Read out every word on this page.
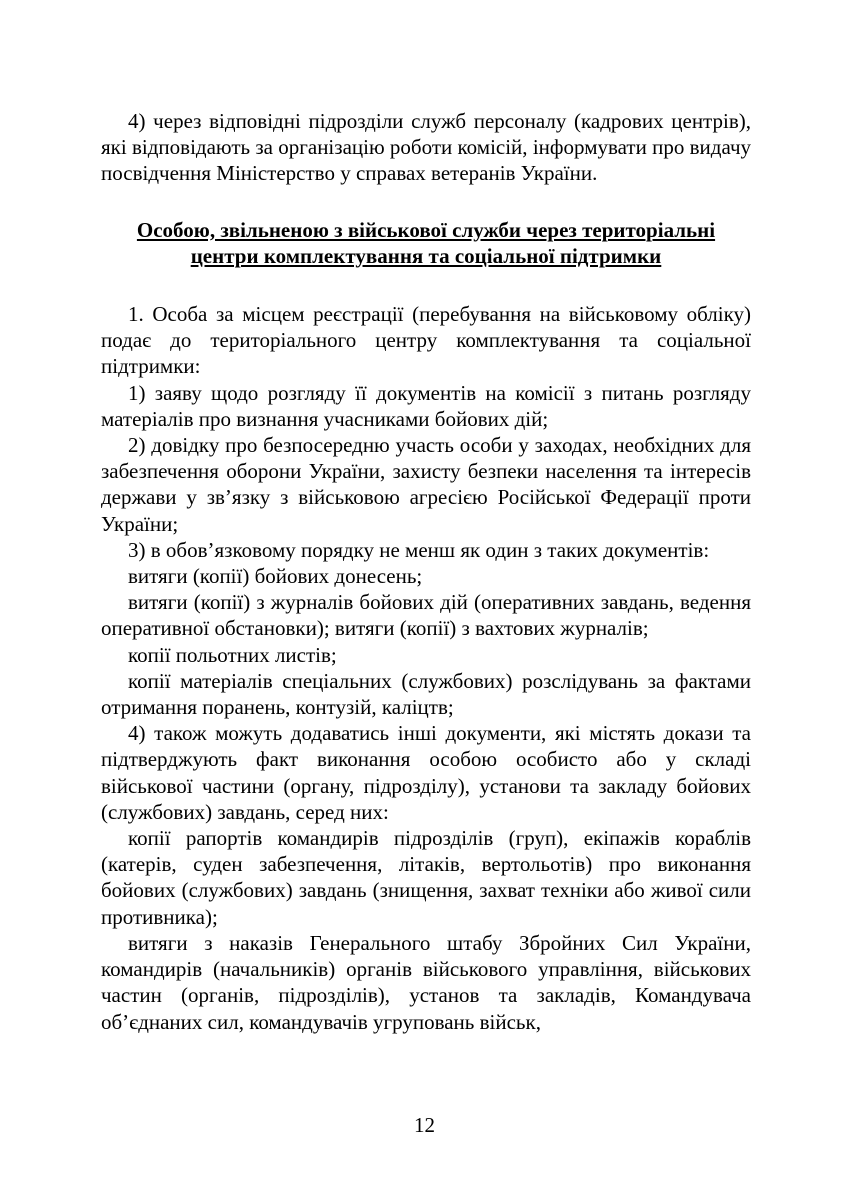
4) через відповідні підрозділи служб персоналу (кадрових центрів), які відповідають за організацію роботи комісій, інформувати про видачу посвідчення Міністерство у справах ветеранів України.

Особою, звільненою з військової служби через територіальні
центри комплектування та соціальної підтримки

1. Особа за місцем реєстрації (перебування на військовому обліку) подає до територіального центру комплектування та соціальної підтримки:

1) заяву щодо розгляду її документів на комісії з питань розгляду матеріалів про визнання учасниками бойових дій;

2) довідку про безпосередню участь особи у заходах, необхідних для забезпечення оборони України, захисту безпеки населення та інтересів держави у зв’язку з військовою агресією Російської Федерації проти України;

3) в обов’язковому порядку не менш як один з таких документів:

витяги (копії) бойових донесень;

витяги (копії) з журналів бойових дій (оперативних завдань, ведення оперативної обстановки); витяги (копії) з вахтових журналів;

копії польотних листів;

копії матеріалів спеціальних (службових) розслідувань за фактами отримання поранень, контузій, каліцтв;

4) також можуть додаватись інші документи, які містять докази та підтверджують факт виконання особою особисто або у складі військової частини (органу, підрозділу), установи та закладу бойових (службових) завдань, серед них:

копії рапортів командирів підрозділів (груп), екіпажів кораблів (катерів, суден забезпечення, літаків, вертольотів) про виконання бойових (службових) завдань (знищення, захват техніки або живої сили противника);

витяги з наказів Генерального штабу Збройних Сил України, командирів (начальників) органів військового управління, військових частин (органів, підрозділів), установ та закладів, Командувача об’єднаних сил, командувачів угруповань військ,

12
